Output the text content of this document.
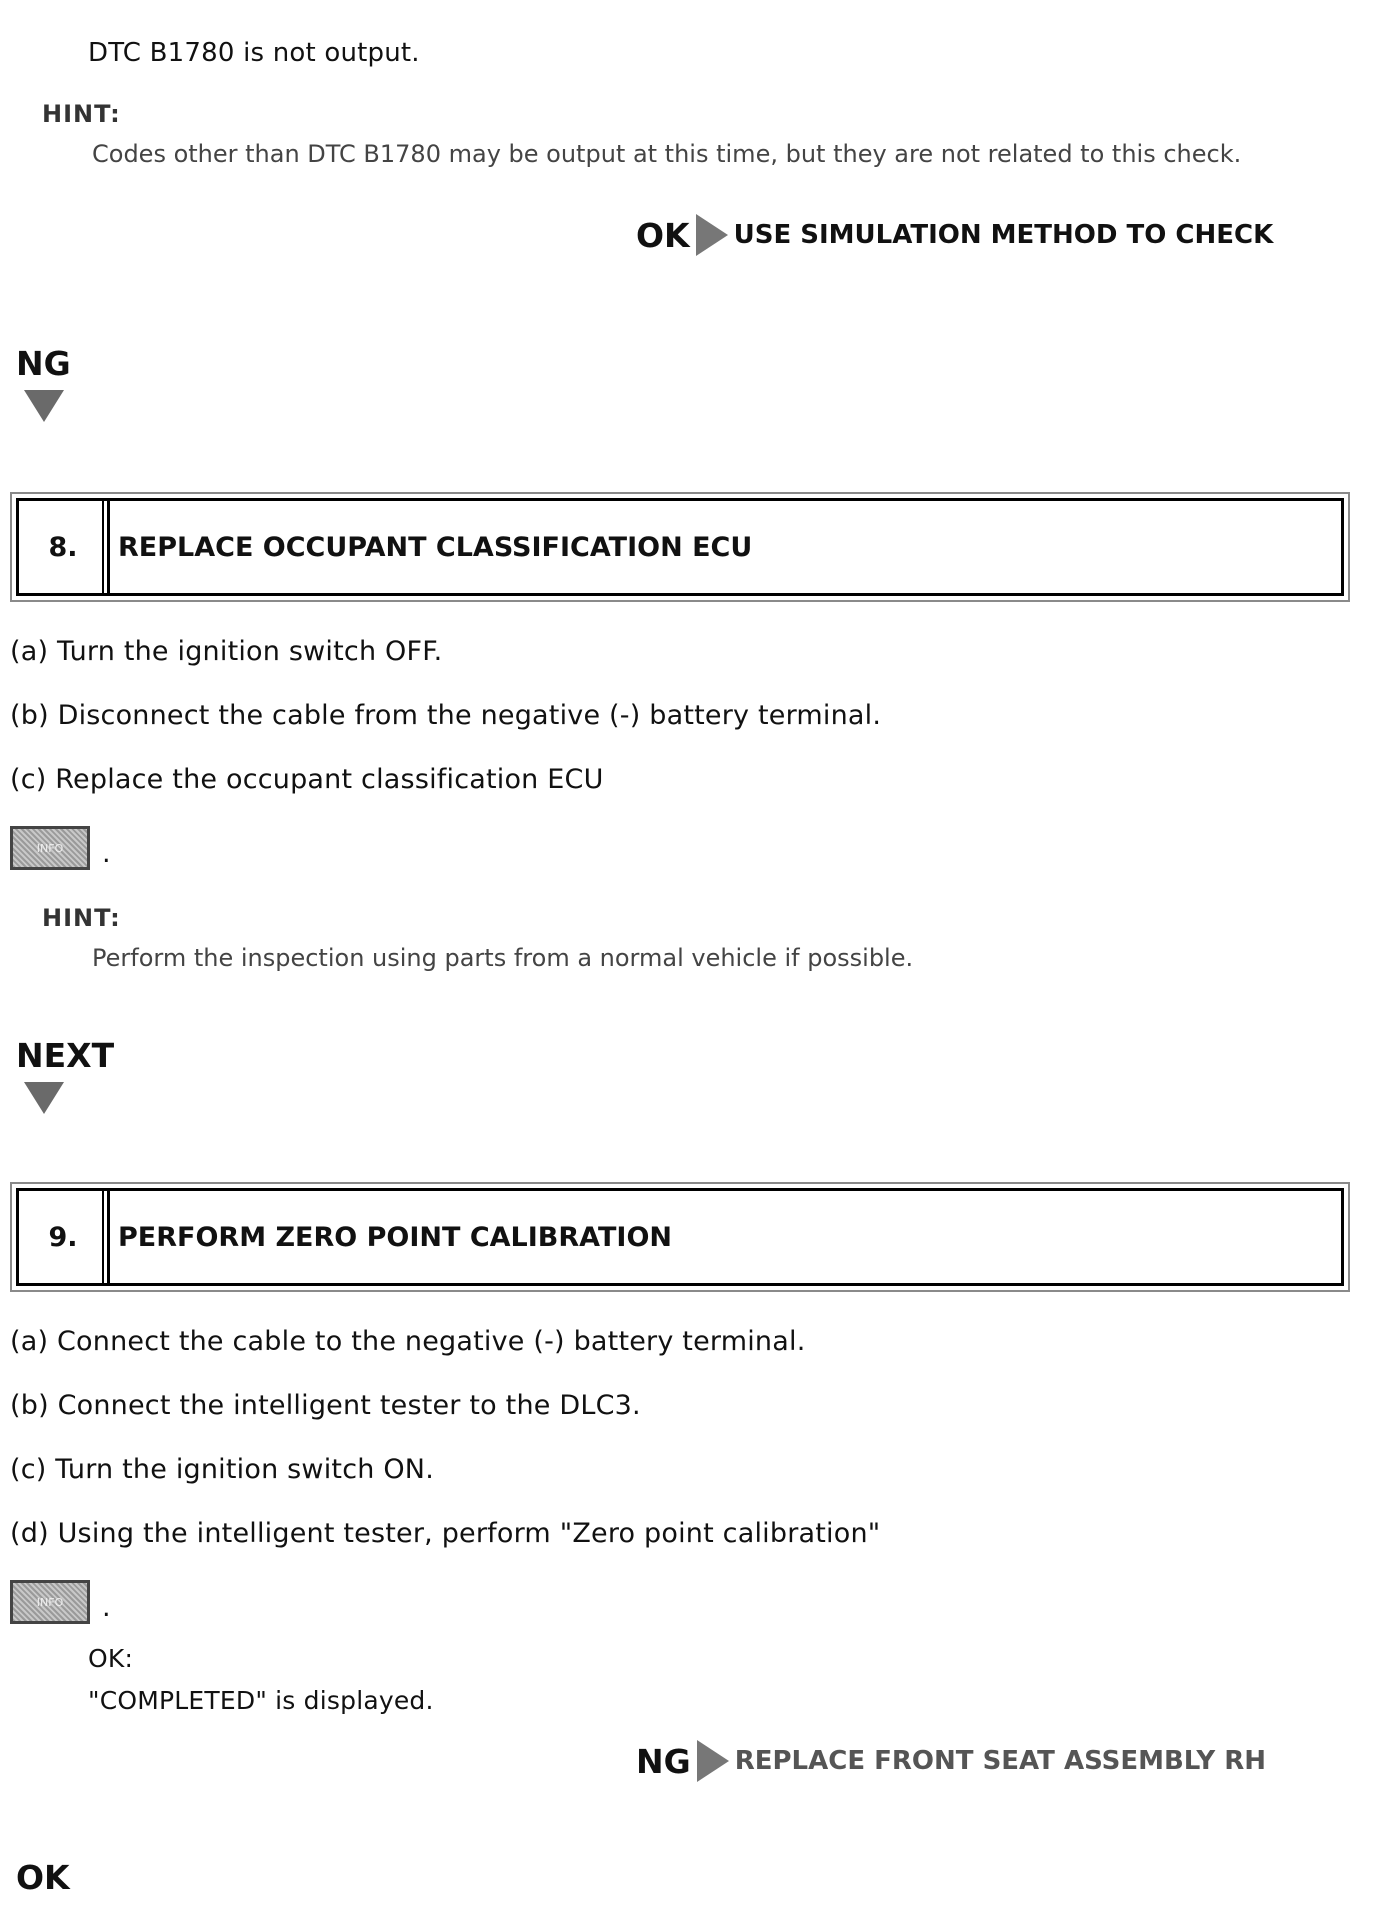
DTC B1780 is not output.
HINT:
Codes other than DTC B1780 may be output at this time, but they are not related to this check.
OK USE SIMULATION METHOD TO CHECK
NG
8.	REPLACE OCCUPANT CLASSIFICATION ECU
(a) Turn the ignition switch OFF.
(b) Disconnect the cable from the negative (-) battery terminal.
(c) Replace the occupant classification ECU
INFO	.
HINT:
Perform the inspection using parts from a normal vehicle if possible.
NEXT
9.	PERFORM ZERO POINT CALIBRATION
(a) Connect the cable to the negative (-) battery terminal.
(b) Connect the intelligent tester to the DLC3.
(c) Turn the ignition switch ON.
(d) Using the intelligent tester, perform "Zero point calibration"
INFO	.
OK:
"COMPLETED" is displayed.
NG REPLACE FRONT SEAT ASSEMBLY RH
OK
